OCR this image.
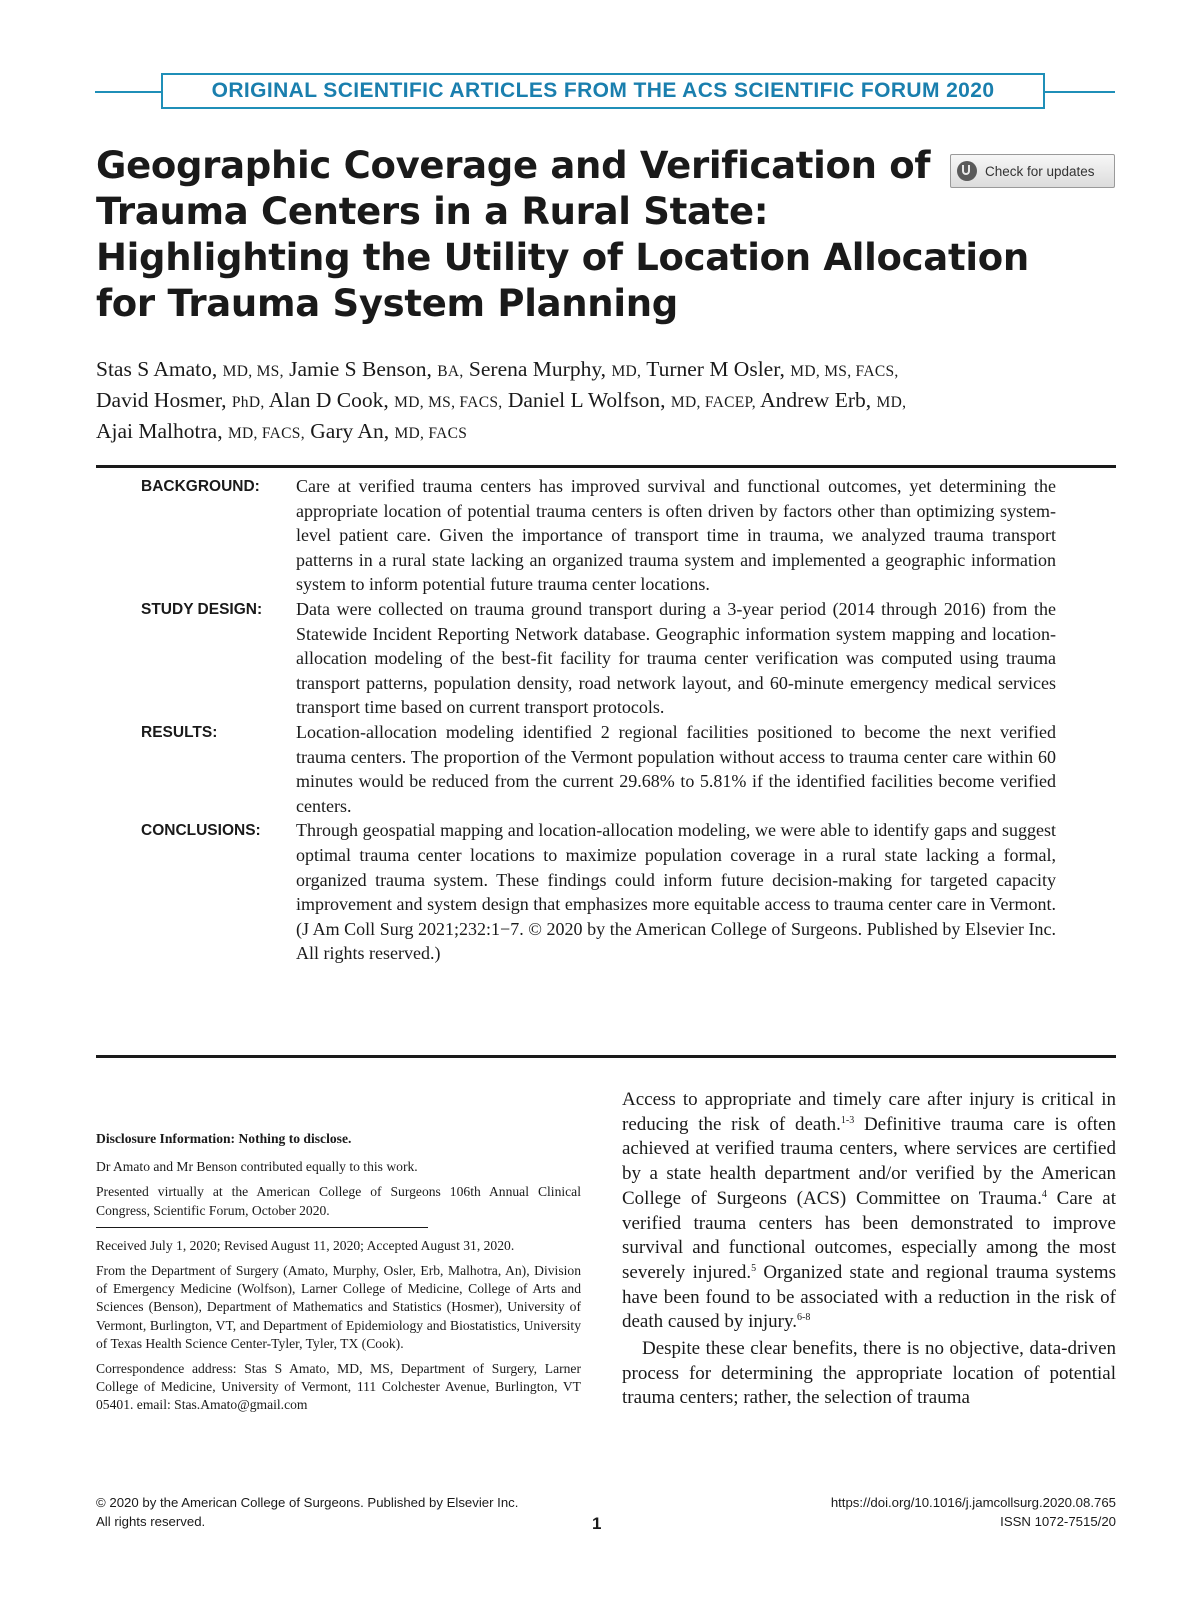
ORIGINAL SCIENTIFIC ARTICLES FROM THE ACS SCIENTIFIC FORUM 2020
Geographic Coverage and Verification of
Trauma Centers in a Rural State:
Highlighting the Utility of Location Allocation
for Trauma System Planning
Check for updates
Stas S Amato, MD, MS, Jamie S Benson, BA, Serena Murphy, MD, Turner M Osler, MD, MS, FACS,
David Hosmer, PhD, Alan D Cook, MD, MS, FACS, Daniel L Wolfson, MD, FACEP, Andrew Erb, MD,
Ajai Malhotra, MD, FACS, Gary An, MD, FACS
BACKGROUND:	Care at verified trauma centers has improved survival and functional outcomes, yet determining the appropriate location of potential trauma centers is often driven by factors other than optimizing system-level patient care. Given the importance of transport time in trauma, we analyzed trauma transport patterns in a rural state lacking an organized trauma system and implemented a geographic information system to inform potential future trauma center locations.
STUDY DESIGN:	Data were collected on trauma ground transport during a 3-year period (2014 through 2016) from the Statewide Incident Reporting Network database. Geographic information system mapping and location-allocation modeling of the best-fit facility for trauma center verification was computed using trauma transport patterns, population density, road network layout, and 60-minute emergency medical services transport time based on current transport protocols.
RESULTS:	Location-allocation modeling identified 2 regional facilities positioned to become the next verified trauma centers. The proportion of the Vermont population without access to trauma center care within 60 minutes would be reduced from the current 29.68% to 5.81% if the identified facilities become verified centers.
CONCLUSIONS:	Through geospatial mapping and location-allocation modeling, we were able to identify gaps and suggest optimal trauma center locations to maximize population coverage in a rural state lacking a formal, organized trauma system. These findings could inform future decision-making for targeted capacity improvement and system design that emphasizes more equitable access to trauma center care in Vermont. (J Am Coll Surg 2021;232:1−7. © 2020 by the American College of Surgeons. Published by Elsevier Inc. All rights reserved.)

Disclosure Information: Nothing to disclose.

Dr Amato and Mr Benson contributed equally to this work.

Presented virtually at the American College of Surgeons 106th Annual Clinical Congress, Scientific Forum, October 2020.

Received July 1, 2020; Revised August 11, 2020; Accepted August 31, 2020.

From the Department of Surgery (Amato, Murphy, Osler, Erb, Malhotra, An), Division of Emergency Medicine (Wolfson), Larner College of Medicine, College of Arts and Sciences (Benson), Department of Mathematics and Statistics (Hosmer), University of Vermont, Burlington, VT, and Department of Epidemiology and Biostatistics, University of Texas Health Science Center-Tyler, Tyler, TX (Cook).

Correspondence address: Stas S Amato, MD, MS, Department of Surgery, Larner College of Medicine, University of Vermont, 111 Colchester Avenue, Burlington, VT 05401. email: Stas.Amato@gmail.com

Access to appropriate and timely care after injury is critical in reducing the risk of death.$^{1-3}$ Definitive trauma care is often achieved at verified trauma centers, where services are certified by a state health department and/or verified by the American College of Surgeons (ACS) Committee on Trauma.$^4$ Care at verified trauma centers has been demonstrated to improve survival and functional outcomes, especially among the most severely injured.$^5$ Organized state and regional trauma systems have been found to be associated with a reduction in the risk of death caused by injury.$^{6-8}$

Despite these clear benefits, there is no objective, data-driven process for determining the appropriate location of potential trauma centers; rather, the selection of trauma

© 2020 by the American College of Surgeons. Published by Elsevier Inc.
All rights reserved.	1
https://doi.org/10.1016/j.jamcollsurg.2020.08.765
ISSN 1072-7515/20
